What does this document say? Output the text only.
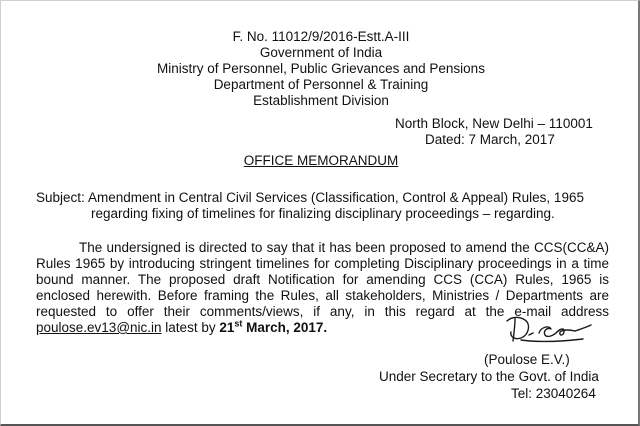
F. No. 11012/9/2016-Estt.A-III
Government of India
Ministry of Personnel, Public Grievances and Pensions
Department of Personnel & Training
Establishment Division
North Block, New Delhi – 110001
Dated: 7 March, 2017
OFFICE MEMORANDUM
Subject: Amendment in Central Civil Services (Classification, Control & Appeal) Rules, 1965
regarding fixing of timelines for finalizing disciplinary proceedings – regarding.
The undersigned is directed to say that it has been proposed to amend the CCS(CC&A)
Rules 1965 by introducing stringent timelines for completing Disciplinary proceedings in a time
bound manner. The proposed draft Notification for amending CCS (CCA) Rules, 1965 is
enclosed herewith. Before framing the Rules, all stakeholders, Ministries / Departments are
requested to offer their comments/views, if any, in this regard at the e-mail address
poulose.ev13@nic.in latest by 21st March, 2017.
(Poulose E.V.)
Under Secretary to the Govt. of India
Tel: 23040264
